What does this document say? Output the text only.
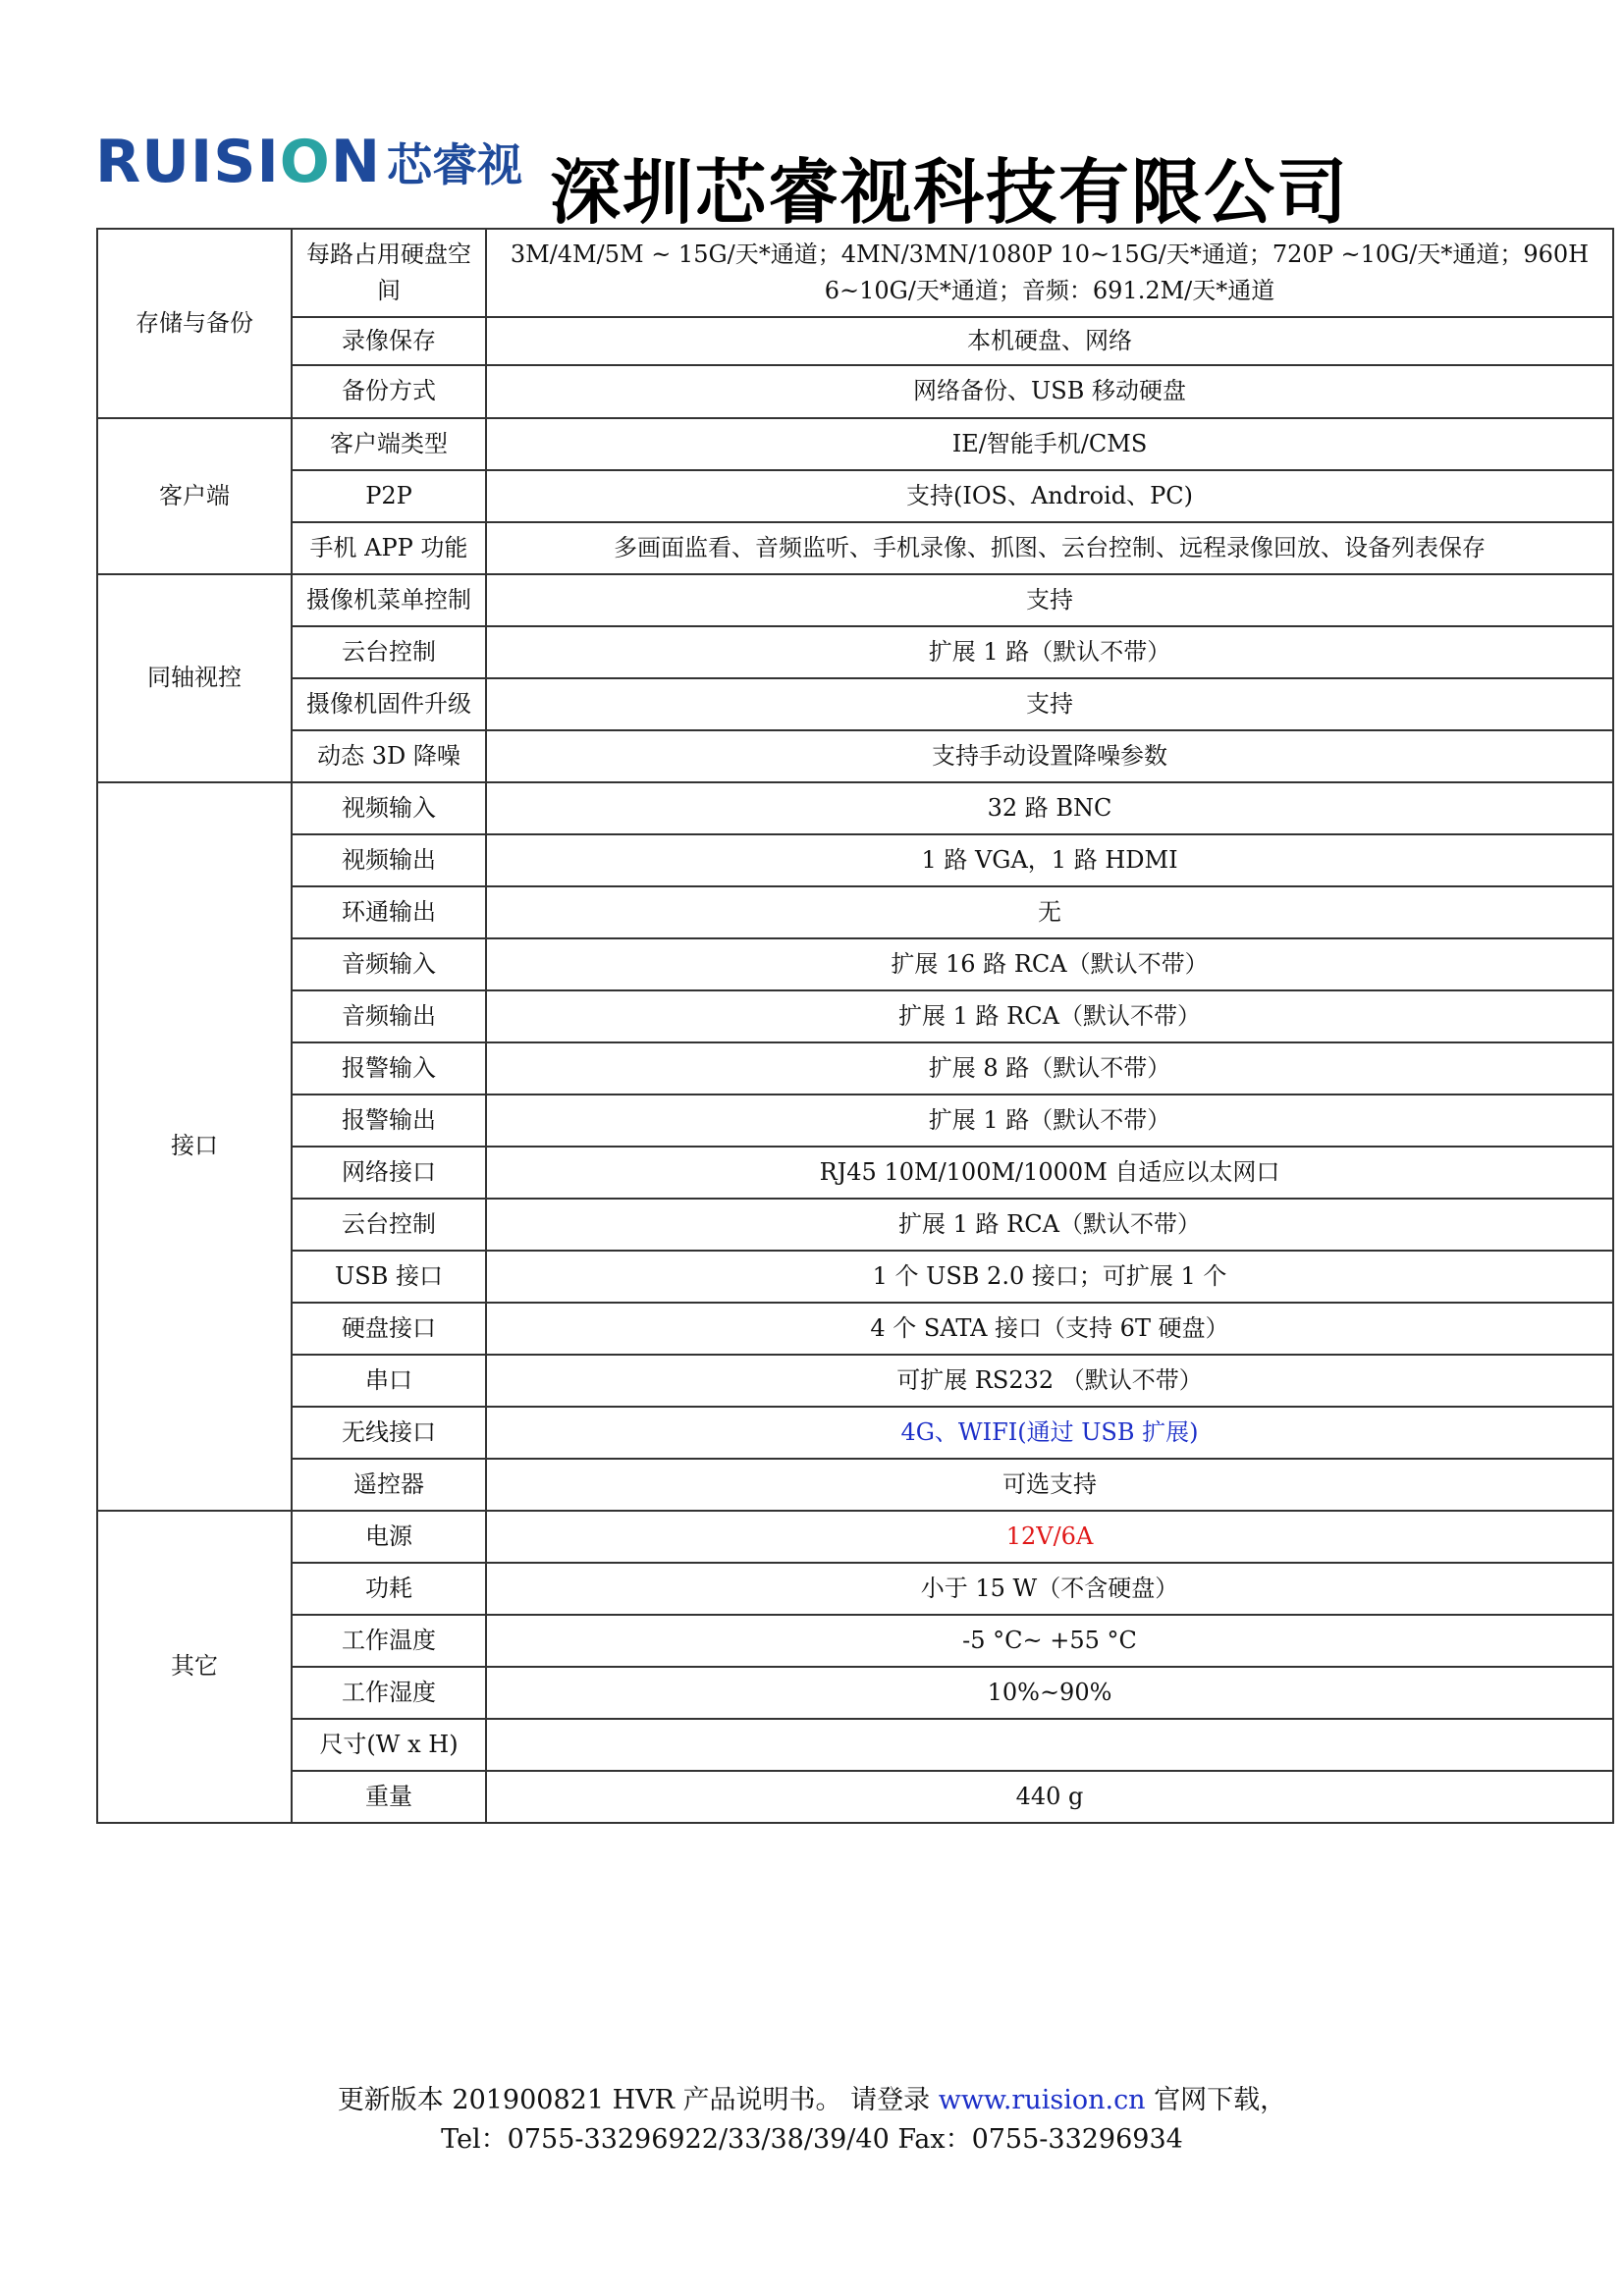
RUISION 芯睿视 深圳芯睿视科技有限公司
存储与备份	每路占用硬盘空间	3M/4M/5M ~ 15G/天*通道；4MN/3MN/1080P 10~15G/天*通道；720P ~10G/天*通道；960H 6~10G/天*通道；音频：691.2M/天*通道
	录像保存	本机硬盘、网络
	备份方式	网络备份、USB 移动硬盘
客户端	客户端类型	IE/智能手机/CMS
	P2P	支持(IOS、Android、PC)
	手机 APP 功能	多画面监看、音频监听、手机录像、抓图、云台控制、远程录像回放、设备列表保存
同轴视控	摄像机菜单控制	支持
	云台控制	扩展 1 路（默认不带）
	摄像机固件升级	支持
	动态 3D 降噪	支持手动设置降噪参数
接口	视频输入	32 路 BNC
	视频输出	1 路 VGA，1 路 HDMI
	环通输出	无
	音频输入	扩展 16 路 RCA（默认不带）
	音频输出	扩展 1 路 RCA（默认不带）
	报警输入	扩展 8 路（默认不带）
	报警输出	扩展 1 路（默认不带）
	网络接口	RJ45 10M/100M/1000M 自适应以太网口
	云台控制	扩展 1 路 RCA（默认不带）
	USB 接口	1 个 USB 2.0 接口；可扩展 1 个
	硬盘接口	4 个 SATA 接口（支持 6T 硬盘）
	串口	可扩展 RS232 （默认不带）
	无线接口	4G、WIFI(通过 USB 扩展)
	遥控器	可选支持
其它	电源	12V/6A
	功耗	小于 15 W（不含硬盘）
	工作温度	-5 °C~ +55 °C
	工作湿度	10%~90%
	尺寸(W x H)	
	重量	440 g
更新版本 201900821 HVR 产品说明书。 请登录 www.ruision.cn 官网下载，
Tel：0755-33296922/33/38/39/40 Fax：0755-33296934
